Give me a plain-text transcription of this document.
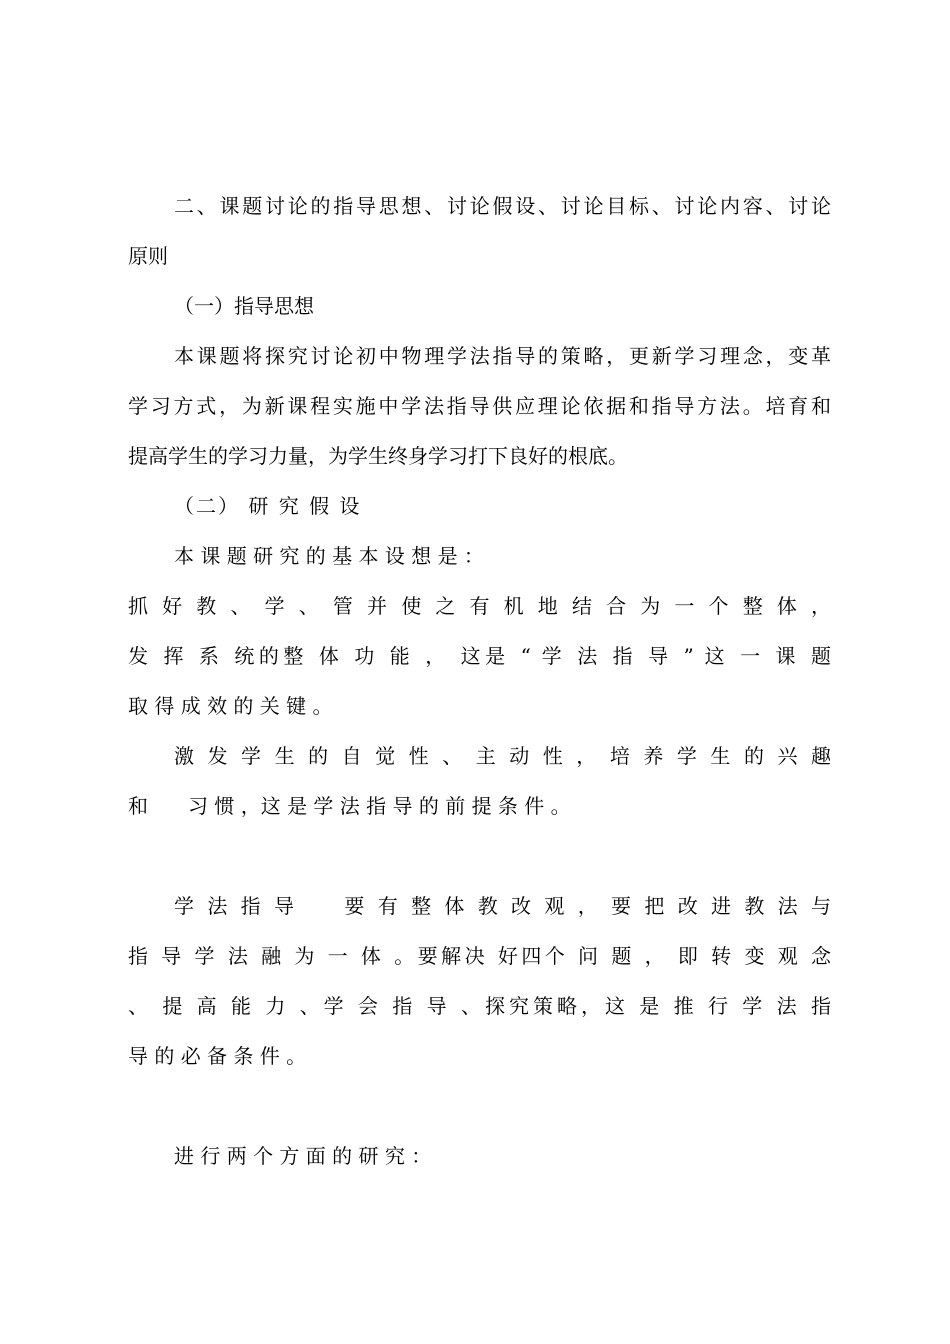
二、课题讨论的指导思想、讨论假设、讨论目标、讨论内容、讨论
原则
（一）指导思想
本课题将探究讨论初中物理学法指导的策略，更新学习理念，变革
学习方式，为新课程实施中学法指导供应理论依据和指导方法。培育和
提高学生的学习力量，为学生终身学习打下良好的根底。
（二） 研 究 假 设
本 课 题 研 究 的 基 本 设 想 是 ：
抓 好 教 、 学 、 管 并 使 之 有 机 地 结 合 为 一 个 整 体 ，
发 挥 系 统的整 体 功 能 ， 这是 “ 学 法 指 导 ” 这 一 课 题
取 得 成 效 的 关 键 。
激 发 学 生 的 自 觉 性 、 主 动 性 ， 培 养 学 生 的 兴 趣
和　　习 惯 ，这 是 学 法 指 导 的 前 提 条 件 。
学 法 指 导　　要 有 整 体 教 改 观 ， 要 把 改 进 教 法 与
指 导 学 法 融 为 一 体 。要解决 好四个 问 题 ， 即 转 变 观 念
、 提 高 能 力 、学 会 指 导 、探究策略，这 是 推 行 学 法 指
导 的 必 备 条 件 。
进 行 两 个 方 面 的 研 究 ：
